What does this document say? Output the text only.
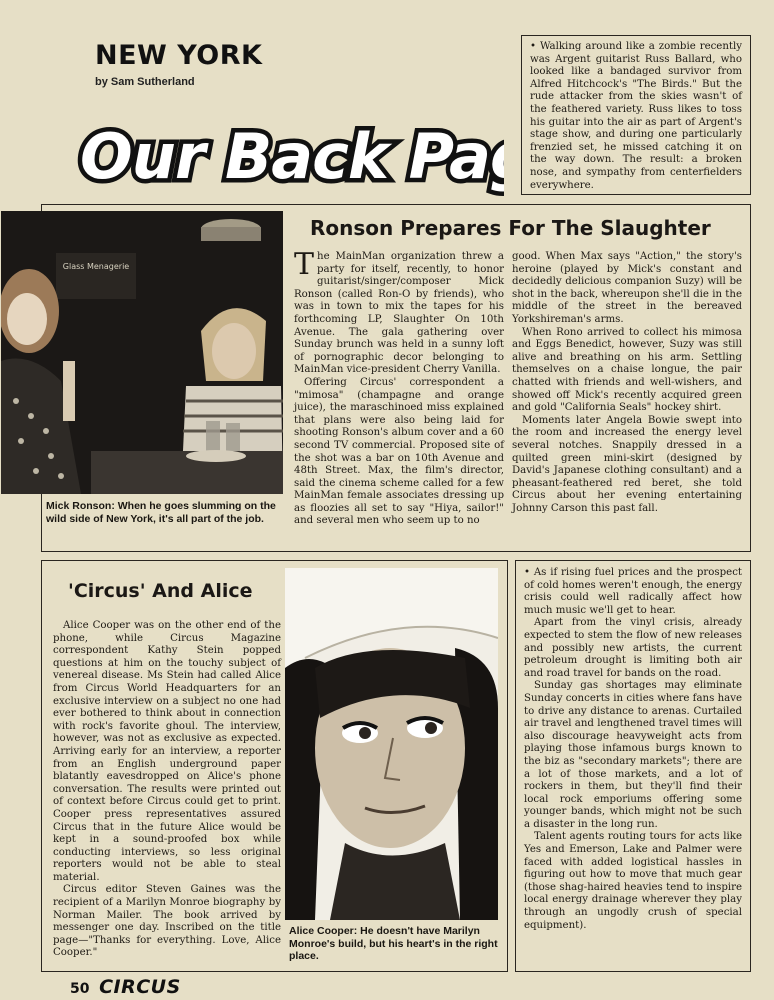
NEW YORK
by Sam Sutherland
Our Back Pa

• Walking around like a zombie recently was Argent guitarist Russ Ballard, who looked like a bandaged survivor from Alfred Hitchcock's "The Birds." But the rude attacker from the skies wasn't of the feathered variety. Russ likes to toss his guitar into the air as part of Argent's stage show, and during one particularly frenzied set, he missed catching it on the way down. The result: a broken nose, and sympathy from centerfielders everywhere.

Glass Menagerie
Mick Ronson: When he goes slumming on the wild side of New York, it's all part of the job.
Ronson Prepares For The Slaughter

The MainMan organization threw a party for itself, recently, to honor guitarist/singer/composer Mick Ronson (called Ron-O by friends), who was in town to mix the tapes for his forthcoming LP, Slaughter On 10th Avenue. The gala gathering over Sunday brunch was held in a sunny loft of pornographic decor belonging to MainMan vice-president Cherry Vanilla.

Offering Circus' correspondent a "mimosa" (champagne and orange juice), the maraschinoed miss explained that plans were also being laid for shooting Ronson's album cover and a 60 second TV commercial. Proposed site of the shot was a bar on 10th Avenue and 48th Street. Max, the film's director, said the cinema scheme called for a few MainMan female associates dressing up as floozies all set to say "Hiya, sailor!" and several men who seem up to no

good. When Max says "Action," the story's heroine (played by Mick's constant and decidedly delicious companion Suzy) will be shot in the back, whereupon she'll die in the middle of the street in the bereaved Yorkshireman's arms.

When Rono arrived to collect his mimosa and Eggs Benedict, however, Suzy was still alive and breathing on his arm. Settling themselves on a chaise longue, the pair chatted with friends and well-wishers, and showed off Mick's recently acquired green and gold "California Seals" hockey shirt.

Moments later Angela Bowie swept into the room and increased the energy level several notches. Snappily dressed in a quilted green mini-skirt (designed by David's Japanese clothing consultant) and a pheasant-feathered red beret, she told Circus about her evening entertaining Johnny Carson this past fall.

'Circus' And Alice

Alice Cooper was on the other end of the phone, while Circus Magazine correspondent Kathy Stein popped questions at him on the touchy subject of venereal disease. Ms Stein had called Alice from Circus World Headquarters for an exclusive interview on a subject no one had ever bothered to think about in connection with rock's favorite ghoul. The interview, however, was not as exclusive as expected. Arriving early for an interview, a reporter from an English underground paper blatantly eavesdropped on Alice's phone conversation. The results were printed out of context before Circus could get to print. Cooper press representatives assured Circus that in the future Alice would be kept in a sound-proofed box while conducting interviews, so less original reporters would not be able to steal material.

Circus editor Steven Gaines was the recipient of a Marilyn Monroe biography by Norman Mailer. The book arrived by messenger one day. Inscribed on the title page—"Thanks for everything. Love, Alice Cooper."

Alice Cooper: He doesn't have Marilyn Monroe's build, but his heart's in the right place.

• As if rising fuel prices and the prospect of cold homes weren't enough, the energy crisis could well radically affect how much music we'll get to hear.

Apart from the vinyl crisis, already expected to stem the flow of new releases and possibly new artists, the current petroleum drought is limiting both air and road travel for bands on the road.

Sunday gas shortages may eliminate Sunday concerts in cities where fans have to drive any distance to arenas. Curtailed air travel and lengthened travel times will also discourage heavyweight acts from playing those infamous burgs known to the biz as "secondary markets"; there are a lot of those markets, and a lot of rockers in them, but they'll find their local rock emporiums offering some younger bands, which might not be such a disaster in the long run.

Talent agents routing tours for acts like Yes and Emerson, Lake and Palmer were faced with added logistical hassles in figuring out how to move that much gear (those shag-haired heavies tend to inspire local energy drainage wherever they play through an ungodly crush of special equipment).

50 CIRCUS
